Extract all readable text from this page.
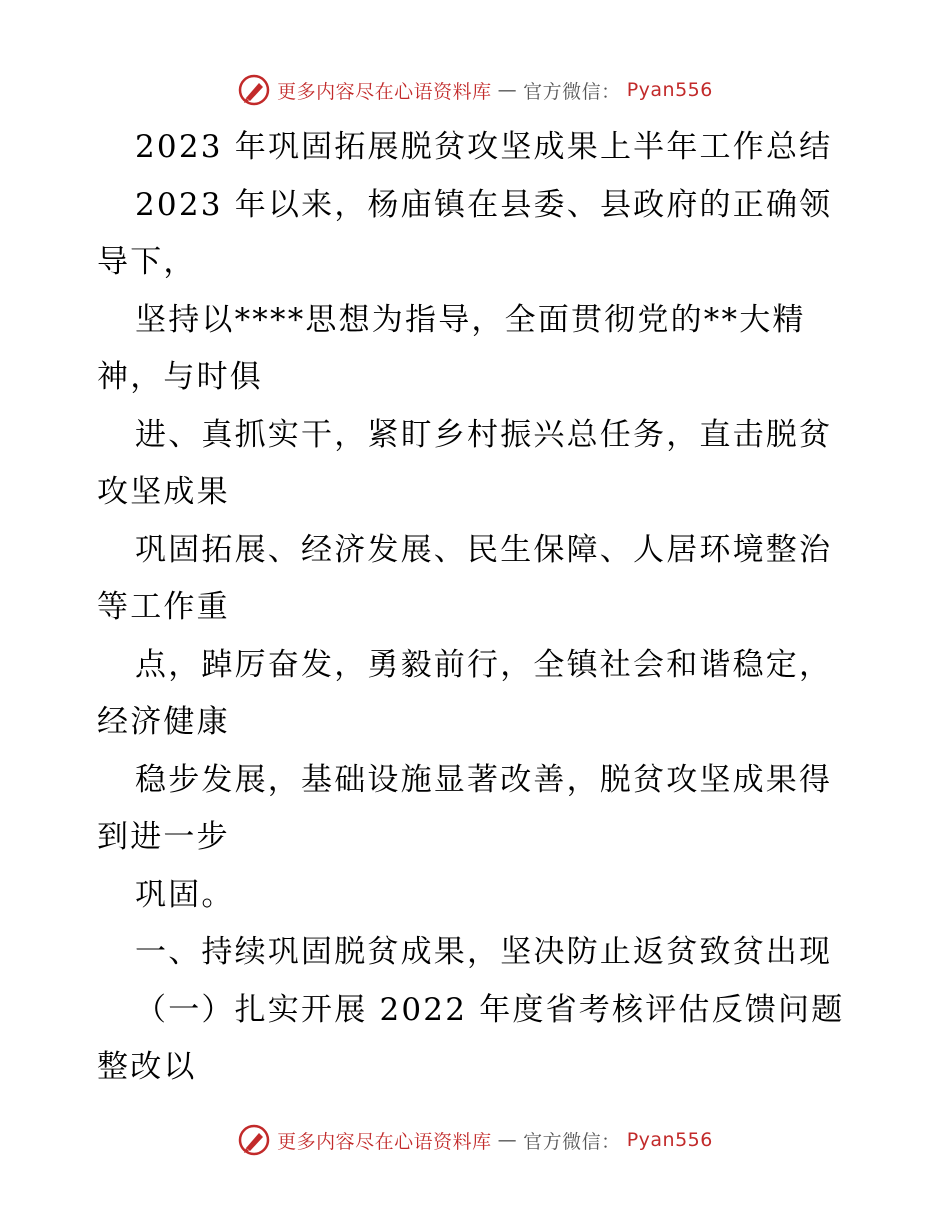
更多内容尽在心语资料库 — 官方微信： Pyan556
2023 年巩固拓展脱贫攻坚成果上半年工作总结
2023 年以来，杨庙镇在县委、县政府的正确领
导下，
坚持以****思想为指导，全面贯彻党的**大精
神，与时俱
进、真抓实干，紧盯乡村振兴总任务，直击脱贫
攻坚成果
巩固拓展、经济发展、民生保障、人居环境整治
等工作重
点，踔厉奋发，勇毅前行，全镇社会和谐稳定，
经济健康
稳步发展，基础设施显著改善，脱贫攻坚成果得
到进一步
巩固。
一、持续巩固脱贫成果，坚决防止返贫致贫出现
（一）扎实开展 2022 年度省考核评估反馈问题
整改以
更多内容尽在心语资料库 — 官方微信： Pyan556
